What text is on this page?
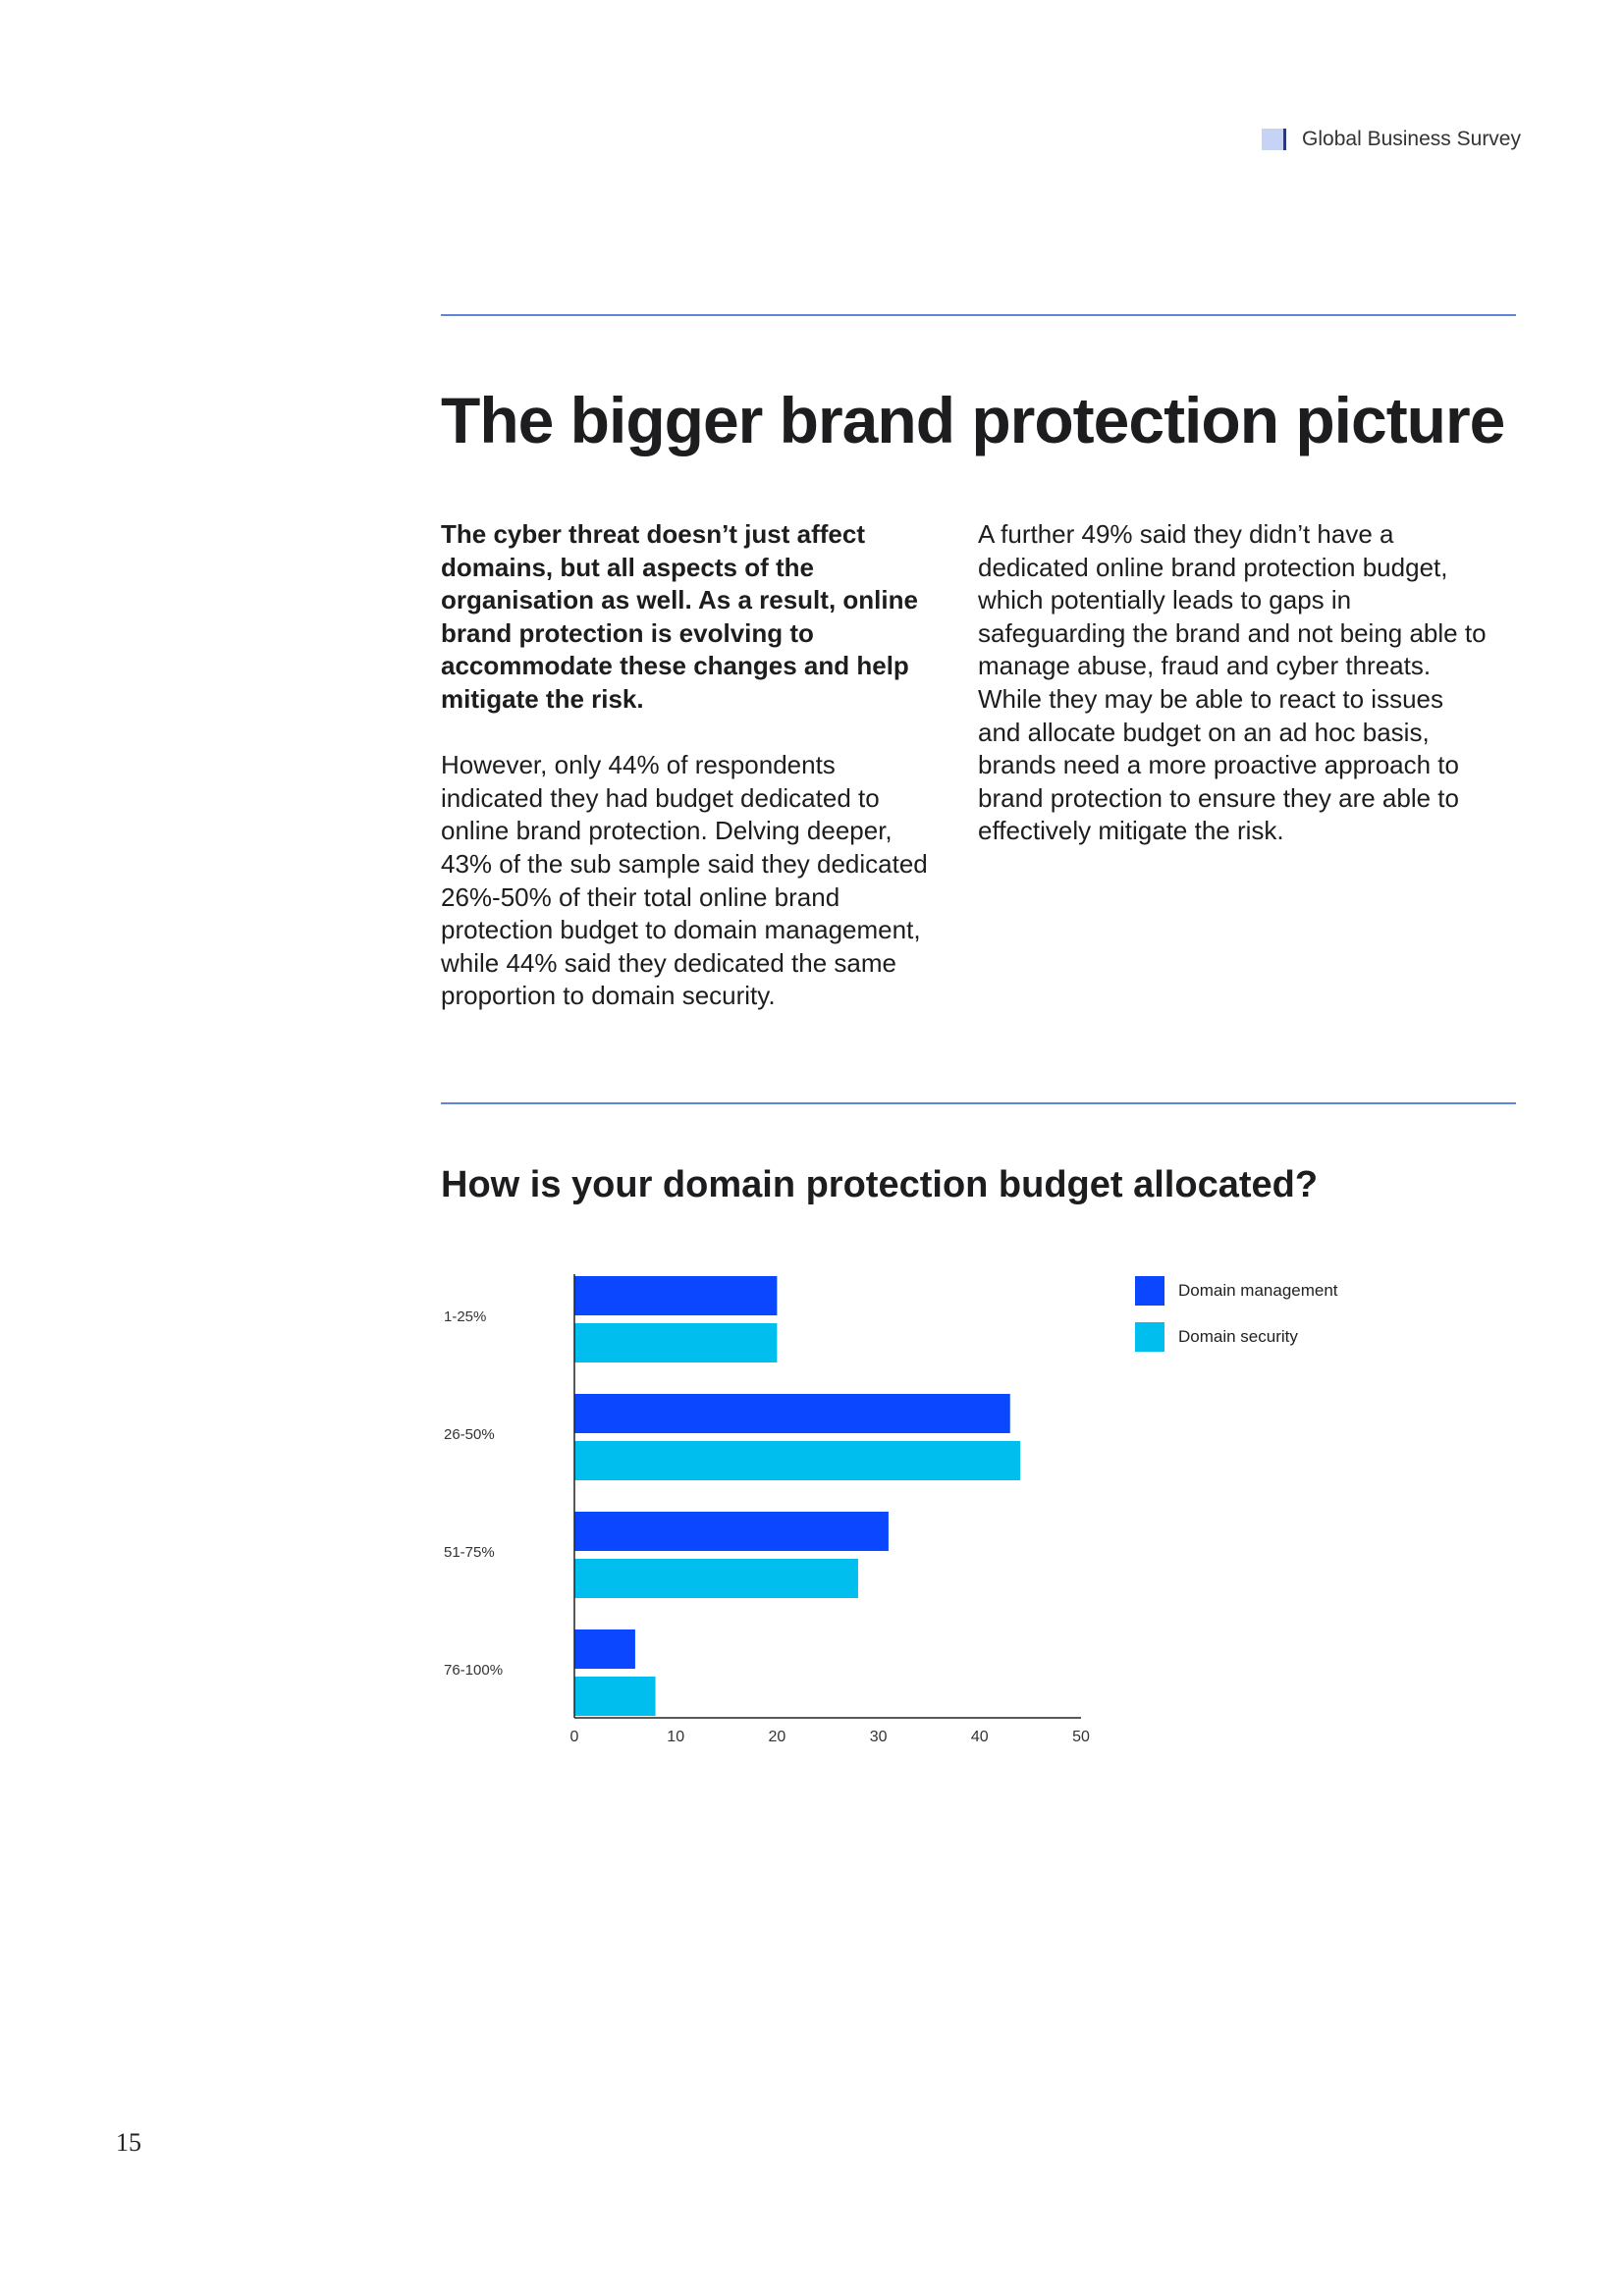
Global Business Survey
The bigger brand protection picture

The cyber threat doesn’t just affect domains, but all aspects of the organisation as well. As a result, online brand protection is evolving to accommodate these changes and help mitigate the risk.

However, only 44% of respondents indicated they had budget dedicated to online brand protection. Delving deeper, 43% of the sub sample said they dedicated 26%-50% of their total online brand protection budget to domain management, while 44% said they dedicated the same proportion to domain security.

A further 49% said they didn’t have a dedicated online brand protection budget, which potentially leads to gaps in safeguarding the brand and not being able to manage abuse, fraud and cyber threats. While they may be able to react to issues and allocate budget on an ad hoc basis, brands need a more proactive approach to brand protection to ensure they are able to effectively mitigate the risk.

How is your domain protection budget allocated?
1-25%
26-50%
51-75%
76-100%
0	10	20	30	40	50
Domain management
Domain security
15
